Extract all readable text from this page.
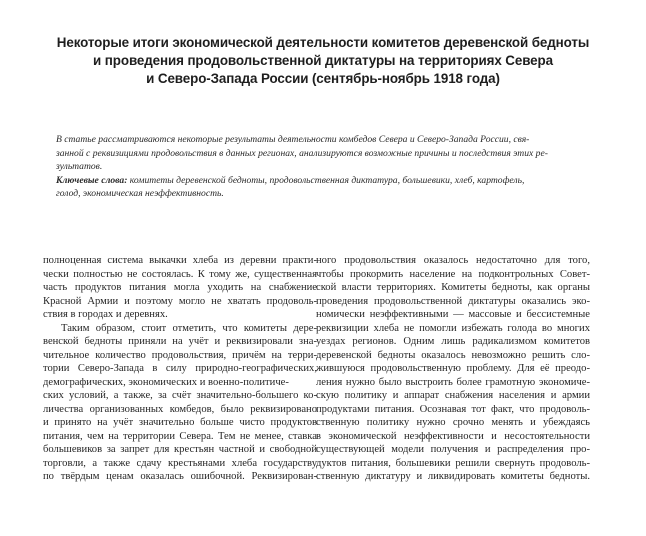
Некоторые итоги экономической деятельности комитетов деревенской бедноты
и проведения продовольственной диктатуры на территориях Севера
и Северо-Запада России (сентябрь-ноябрь 1918 года)
В статье рассматриваются некоторые результаты деятельности комбедов Севера и Северо-Запада России, свя-
занной с реквизициями продовольствия в данных регионах, анализируются возможные причины и последствия этих ре-
зультатов.
Ключевые слова: комитеты деревенской бедноты, продовольственная диктатура, большевики, хлеб, картофель,
голод, экономическая неэффективность.
полноценная система выкачки хлеба из деревни практи-
чески полностью не состоялась. К тому же, существенная
часть продуктов питания могла уходить на снабжение
Красной Армии и поэтому могло не хватать продоволь-
ствия в городах и деревнях.
Таким образом, стоит отметить, что комитеты дере-
венской бедноты приняли на учёт и реквизировали зна-
чительное количество продовольствия, причём на терри-
тории Северо-Запада в силу природно-географических,
демографических, экономических и военно-политиче-
ских условий, а также, за счёт значительно-большего ко-
личества организованных комбедов, было реквизировано
и принято на учёт значительно больше чисто продуктов
питания, чем на территории Севера. Тем не менее, ставка
большевиков за запрет для крестьян частной и свободной
торговли, а также сдачу крестьянами хлеба государству
по твёрдым ценам оказалась ошибочной. Реквизирован-
ного продовольствия оказалось недостаточно для того,
чтобы прокормить население на подконтрольных Совет-
ской власти территориях. Комитеты бедноты, как органы
проведения продовольственной диктатуры оказались эко-
номически неэффективными — массовые и бессистемные
реквизиции хлеба не помогли избежать голода во многих
уездах регионов. Одним лишь радикализмом комитетов
деревенской бедноты оказалось невозможно решить сло-
жившуюся продовольственную проблему. Для её преодо-
ления нужно было выстроить более грамотную экономиче-
скую политику и аппарат снабжения населения и армии
продуктами питания. Осознавая тот факт, что продоволь-
ственную политику нужно срочно менять и убеждаясь
в экономической неэффективности и несостоятельности
существующей модели получения и распределения про-
дуктов питания, большевики решили свернуть продоволь-
ственную диктатуру и ликвидировать комитеты бедноты.
